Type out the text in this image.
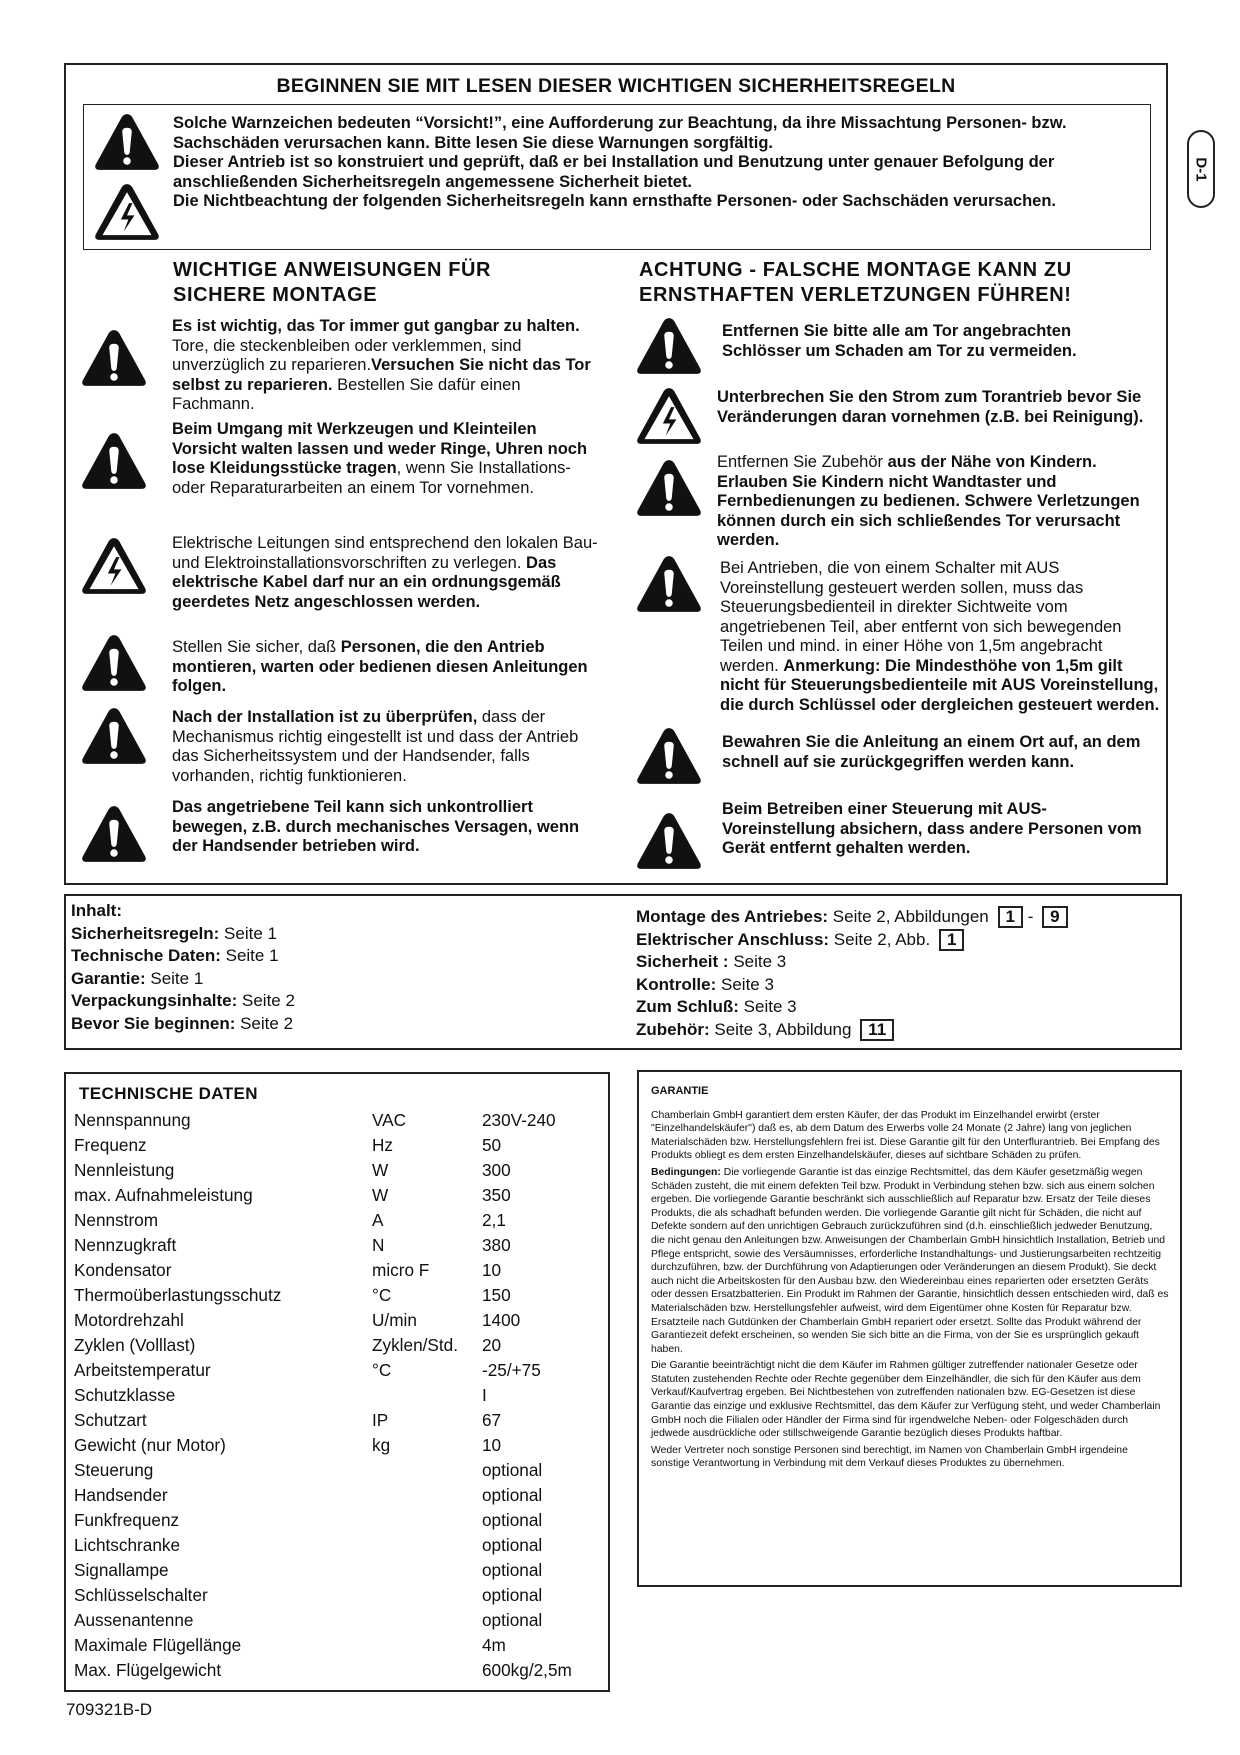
D-1
BEGINNEN SIE MIT LESEN DIESER WICHTIGEN SICHERHEITSREGELN

Solche Warnzeichen bedeuten “Vorsicht!”, eine Aufforderung zur Beachtung, da ihre Missachtung Personen- bzw. Sachschäden verursachen kann. Bitte lesen Sie diese Warnungen sorgfältig.

Dieser Antrieb ist so konstruiert und geprüft, daß er bei Installation und Benutzung unter genauer Befolgung der anschließenden Sicherheitsregeln angemessene Sicherheit bietet.

Die Nichtbeachtung der folgenden Sicherheitsregeln kann ernsthafte Personen- oder Sachschäden verursachen.

WICHTIGE ANWEISUNGEN FÜR
SICHERE MONTAGE
Es ist wichtig, das Tor immer gut gangbar zu halten. Tore, die steckenbleiben oder verklemmen, sind unverzüglich zu reparieren.Versuchen Sie nicht das Tor selbst zu reparieren. Bestellen Sie dafür einen Fachmann.
Beim Umgang mit Werkzeugen und Kleinteilen Vorsicht walten lassen und weder Ringe, Uhren noch lose Kleidungsstücke tragen, wenn Sie Installations- oder Reparaturarbeiten an einem Tor vornehmen.
Elektrische Leitungen sind entsprechend den lokalen Bau- und Elektroinstallationsvorschriften zu verlegen. Das elektrische Kabel darf nur an ein ordnungsgemäß geerdetes Netz angeschlossen werden.
Stellen Sie sicher, daß Personen, die den Antrieb montieren, warten oder bedienen diesen Anleitungen folgen.
Nach der Installation ist zu überprüfen, dass der Mechanismus richtig eingestellt ist und dass der Antrieb das Sicherheitssystem und der Handsender, falls vorhanden, richtig funktionieren.
Das angetriebene Teil kann sich unkontrolliert bewegen, z.B. durch mechanisches Versagen, wenn der Handsender betrieben wird.
ACHTUNG - FALSCHE MONTAGE KANN ZU
ERNSTHAFTEN VERLETZUNGEN FÜHREN!
Entfernen Sie bitte alle am Tor angebrachten Schlösser um Schaden am Tor zu vermeiden.
Unterbrechen Sie den Strom zum Torantrieb bevor Sie Veränderungen daran vornehmen (z.B. bei Reinigung).
Entfernen Sie Zubehör aus der Nähe von Kindern. Erlauben Sie Kindern nicht Wandtaster und Fernbedienungen zu bedienen. Schwere Verletzungen können durch ein sich schließendes Tor verursacht werden.
Bei Antrieben, die von einem Schalter mit AUS Voreinstellung gesteuert werden sollen, muss das Steuerungsbedienteil in direkter Sichtweite vom angetriebenen Teil, aber entfernt von sich bewegenden Teilen und mind. in einer Höhe von 1,5m angebracht werden. Anmerkung: Die Mindesthöhe von 1,5m gilt nicht für Steuerungsbedienteile mit AUS Voreinstellung, die durch Schlüssel oder dergleichen gesteuert werden.
Bewahren Sie die Anleitung an einem Ort auf, an dem schnell auf sie zurückgegriffen werden kann.
Beim Betreiben einer Steuerung mit AUS-Voreinstellung absichern, dass andere Personen vom Gerät entfernt gehalten werden.
Inhalt:
Sicherheitsregeln: Seite 1
Technische Daten: Seite 1
Garantie: Seite 1
Verpackungsinhalte: Seite 2
Bevor Sie beginnen: Seite 2
Montage des Antriebes: Seite 2, Abbildungen 1 - 9
Elektrischer Anschluss: Seite 2, Abb. 1
Sicherheit : Seite 3
Kontrolle: Seite 3
Zum Schluß: Seite 3
Zubehör: Seite 3, Abbildung 11
TECHNISCHE DATEN
Nennspannung	VAC	230V-240
Frequenz	Hz	50
Nennleistung	W	300
max. Aufnahmeleistung	W	350
Nennstrom	A	2,1
Nennzugkraft	N	380
Kondensator	micro F	10
Thermoüberlastungsschutz	°C	150
Motordrehzahl	U/min	1400
Zyklen (Volllast)	Zyklen/Std.	20
Arbeitstemperatur	°C	-25/+75
Schutzklasse		I
Schutzart	IP	67
Gewicht (nur Motor)	kg	10
Steuerung		optional
Handsender		optional
Funkfrequenz		optional
Lichtschranke		optional
Signallampe		optional
Schlüsselschalter		optional
Aussenantenne		optional
Maximale Flügellänge		4m
Max. Flügelgewicht		600kg/2,5m

GARANTIE

Chamberlain GmbH garantiert dem ersten Käufer, der das Produkt im Einzelhandel erwirbt (erster "Einzelhandelskäufer") daß es, ab dem Datum des Erwerbs volle 24 Monate (2 Jahre) lang von jeglichen Materialschäden bzw. Herstellungsfehlern frei ist. Diese Garantie gilt für den Unterflurantrieb. Bei Empfang des Produkts obliegt es dem ersten Einzelhandelskäufer, dieses auf sichtbare Schäden zu prüfen.

Bedingungen: Die vorliegende Garantie ist das einzige Rechtsmittel, das dem Käufer gesetzmäßig wegen Schäden zusteht, die mit einem defekten Teil bzw. Produkt in Verbindung stehen bzw. sich aus einem solchen ergeben. Die vorliegende Garantie beschränkt sich ausschließlich auf Reparatur bzw. Ersatz der Teile dieses Produkts, die als schadhaft befunden werden. Die vorliegende Garantie gilt nicht für Schäden, die nicht auf Defekte sondern auf den unrichtigen Gebrauch zurückzuführen sind (d.h. einschließlich jedweder Benutzung, die nicht genau den Anleitungen bzw. Anweisungen der Chamberlain GmbH hinsichtlich Installation, Betrieb und Pflege entspricht, sowie des Versäumnisses, erforderliche Instandhaltungs- und Justierungsarbeiten rechtzeitig durchzuführen, bzw. der Durchführung von Adaptierungen oder Veränderungen an diesem Produkt). Sie deckt auch nicht die Arbeitskosten für den Ausbau bzw. den Wiedereinbau eines reparierten oder ersetzten Geräts oder dessen Ersatzbatterien. Ein Produkt im Rahmen der Garantie, hinsichtlich dessen entschieden wird, daß es Materialschäden bzw. Herstellungsfehler aufweist, wird dem Eigentümer ohne Kosten für Reparatur bzw. Ersatzteile nach Gutdünken der Chamberlain GmbH repariert oder ersetzt. Sollte das Produkt während der Garantiezeit defekt erscheinen, so wenden Sie sich bitte an die Firma, von der Sie es ursprünglich gekauft haben.

Die Garantie beeinträchtigt nicht die dem Käufer im Rahmen gültiger zutreffender nationaler Gesetze oder Statuten zustehenden Rechte oder Rechte gegenüber dem Einzelhändler, die sich für den Käufer aus dem Verkauf/Kaufvertrag ergeben. Bei Nichtbestehen von zutreffenden nationalen bzw. EG-Gesetzen ist diese Garantie das einzige und exklusive Rechtsmittel, das dem Käufer zur Verfügung steht, und weder Chamberlain GmbH noch die Filialen oder Händler der Firma sind für irgendwelche Neben- oder Folgeschäden durch jedwede ausdrückliche oder stillschweigende Garantie bezüglich dieses Produkts haftbar.

Weder Vertreter noch sonstige Personen sind berechtigt, im Namen von Chamberlain GmbH irgendeine sonstige Verantwortung in Verbindung mit dem Verkauf dieses Produktes zu übernehmen.

709321B-D
